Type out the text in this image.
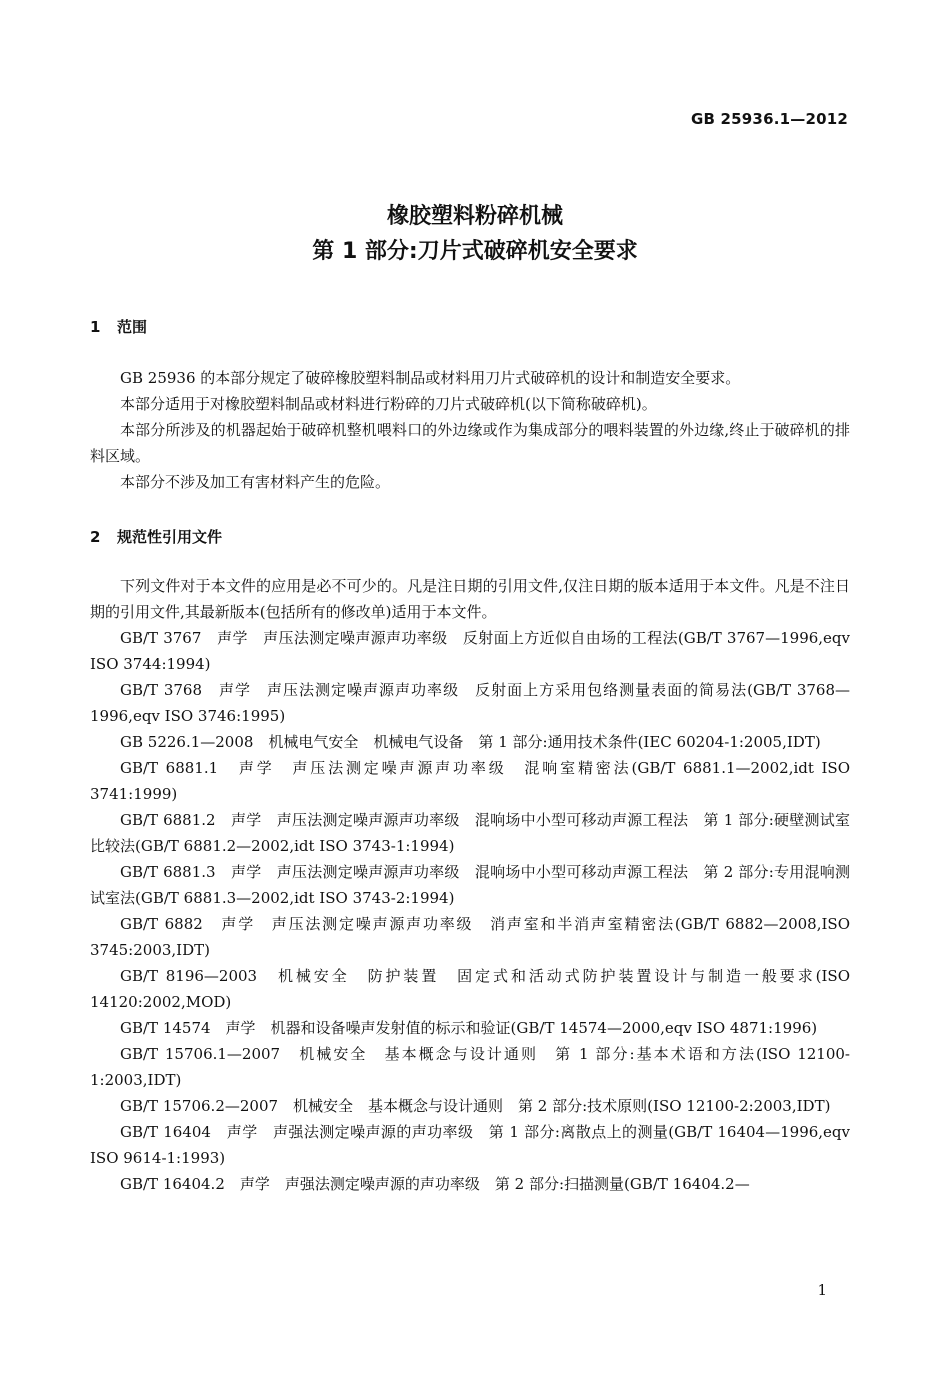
GB 25936.1—2012
橡胶塑料粉碎机械
第 1 部分:刀片式破碎机安全要求
1 范围

GB 25936 的本部分规定了破碎橡胶塑料制品或材料用刀片式破碎机的设计和制造安全要求。

本部分适用于对橡胶塑料制品或材料进行粉碎的刀片式破碎机(以下简称破碎机)。

本部分所涉及的机器起始于破碎机整机喂料口的外边缘或作为集成部分的喂料装置的外边缘,终止于破碎机的排料区域。

本部分不涉及加工有害材料产生的危险。

2 规范性引用文件

下列文件对于本文件的应用是必不可少的。凡是注日期的引用文件,仅注日期的版本适用于本文件。凡是不注日期的引用文件,其最新版本(包括所有的修改单)适用于本文件。

GB/T 3767　声学　声压法测定噪声源声功率级　反射面上方近似自由场的工程法(GB/T 3767—1996,eqv ISO 3744:1994)

GB/T 3768　声学　声压法测定噪声源声功率级　反射面上方采用包络测量表面的简易法(GB/T 3768—1996,eqv ISO 3746:1995)

GB 5226.1—2008　机械电气安全　机械电气设备　第 1 部分:通用技术条件(IEC 60204-1:2005,IDT)

GB/T 6881.1　声学　声压法测定噪声源声功率级　混响室精密法(GB/T 6881.1—2002,idt ISO 3741:1999)

GB/T 6881.2　声学　声压法测定噪声源声功率级　混响场中小型可移动声源工程法　第 1 部分:硬壁测试室比较法(GB/T 6881.2—2002,idt ISO 3743-1:1994)

GB/T 6881.3　声学　声压法测定噪声源声功率级　混响场中小型可移动声源工程法　第 2 部分:专用混响测试室法(GB/T 6881.3—2002,idt ISO 3743-2:1994)

GB/T 6882　声学　声压法测定噪声源声功率级　消声室和半消声室精密法(GB/T 6882—2008,ISO 3745:2003,IDT)

GB/T 8196—2003　机械安全　防护装置　固定式和活动式防护装置设计与制造一般要求(ISO 14120:2002,MOD)

GB/T 14574　声学　机器和设备噪声发射值的标示和验证(GB/T 14574—2000,eqv ISO 4871:1996)

GB/T 15706.1—2007　机械安全　基本概念与设计通则　第 1 部分:基本术语和方法(ISO 12100-1:2003,IDT)

GB/T 15706.2—2007　机械安全　基本概念与设计通则　第 2 部分:技术原则(ISO 12100-2:2003,IDT)

GB/T 16404　声学　声强法测定噪声源的声功率级　第 1 部分:离散点上的测量(GB/T 16404—1996,eqv ISO 9614-1:1993)

GB/T 16404.2　声学　声强法测定噪声源的声功率级　第 2 部分:扫描测量(GB/T 16404.2—

1
